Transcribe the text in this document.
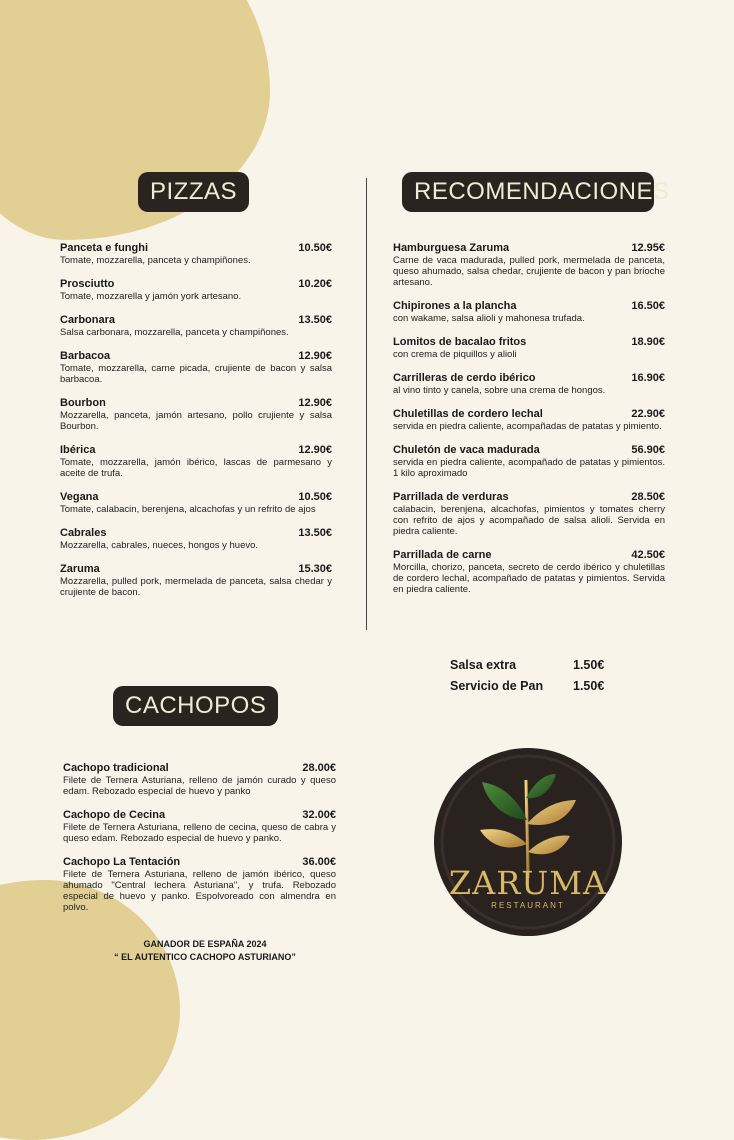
PIZZAS	RECOMENDACIONES
CACHOPOS
Panceta e funghi	10.50€
Tomate, mozzarella, panceta y champiñones.
Prosciutto	10.20€
Tomate, mozzarella y jamón york artesano.
Carbonara	13.50€
Salsa carbonara, mozzarella, panceta y champiñones.
Barbacoa	12.90€
Tomate, mozzarella, carne picada, crujiente de bacon y salsa barbacoa.
Bourbon	12.90€
Mozzarella, panceta, jamón artesano, pollo crujiente y salsa Bourbon.
Ibérica	12.90€
Tomate, mozzarella, jamón ibérico, lascas de parmesano y aceite de trufa.
Vegana	10.50€
Tomate, calabacin, berenjena, alcachofas y un refrito de ajos
Cabrales	13.50€
Mozzarella, cabrales, nueces, hongos y huevo.
Zaruma	15.30€
Mozzarella, pulled pork, mermelada de panceta, salsa chedar y crujiente de bacon.
Hamburguesa Zaruma	12.95€
Carne de vaca madurada, pulled pork, mermelada de panceta, queso ahumado, salsa chedar, crujiente de bacon y pan brioche artesano.
Chipirones a la plancha	16.50€
con wakame, salsa alioli y mahonesa trufada.
Lomitos de bacalao fritos	18.90€
con crema de piquillos y alioli
Carrilleras de cerdo ibérico	16.90€
al vino tinto y canela, sobre una crema de hongos.
Chuletillas de cordero lechal	22.90€
servida en piedra caliente, acompañadas de patatas y pimiento.
Chuletón de vaca madurada	56.90€
servida en piedra caliente, acompañado de patatas y pimientos. 1 kilo aproximado
Parrillada de verduras	28.50€
calabacin, berenjena, alcachofas, pimientos y tomates cherry con refrito de ajos y acompañado de salsa alioli. Servida en piedra caliente.
Parrillada de carne	42.50€
Morcilla, chorizo, panceta, secreto de cerdo ibérico y chuletillas de cordero lechal, acompañado de patatas y pimientos. Servida en piedra caliente.
Cachopo tradicional	28.00€
Filete de Ternera Asturiana, relleno de jamón curado y queso edam. Rebozado especial de huevo y panko
Cachopo de Cecina	32.00€
Filete de Ternera Asturiana, relleno de cecina, queso de cabra y queso edam. Rebozado especial de huevo y panko.
Cachopo La Tentación	36.00€
Filete de Ternera Asturiana, relleno de jamón ibérico, queso ahumado "Central lechera Asturiana", y trufa. Rebozado especial de huevo y panko. Espolvoreado con almendra en polvo.
Salsa extra	1.50€
Servicio de Pan	1.50€
GANADOR DE ESPAÑA 2024
“ EL AUTENTICO CACHOPO ASTURIANO”
ZARUMA
RESTAURANT
